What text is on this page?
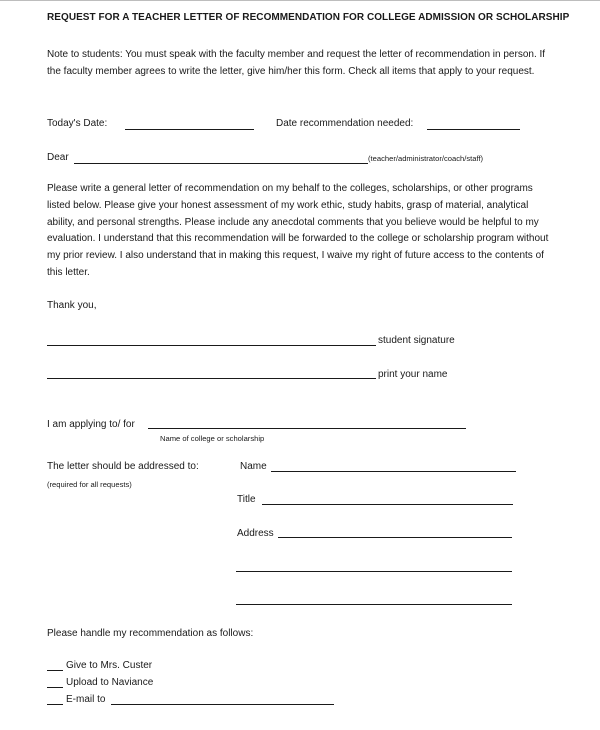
REQUEST FOR A TEACHER LETTER OF RECOMMENDATION FOR COLLEGE ADMISSION OR SCHOLARSHIP

Note to students: You must speak with the faculty member and request the letter of recommendation in person. If the faculty member agrees to write the letter, give him/her this form. Check all items that apply to your request.

Today's Date:	Date recommendation needed:
Dear	(teacher/administrator/coach/staff)

Please write a general letter of recommendation on my behalf to the colleges, scholarships, or other programs listed below. Please give your honest assessment of my work ethic, study habits, grasp of material, analytical ability, and personal strengths. Please include any anecdotal comments that you believe would be helpful to my evaluation. I understand that this recommendation will be forwarded to the college or scholarship program without my prior review. I also understand that in making this request, I waive my right of future access to the contents of this letter.

Thank you,
student signature
print your name
I am applying to/ for
Name of college or scholarship
The letter should be addressed to:
(required for all requests)
Name
Title
Address
Please handle my recommendation as follows:
Give to Mrs. Custer
Upload to Naviance
E-mail to
